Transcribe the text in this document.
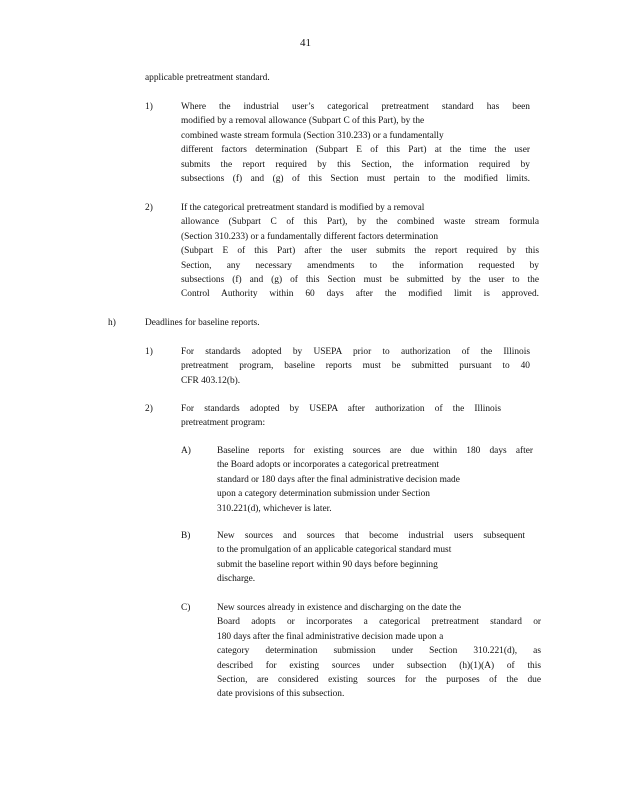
41
applicable pretreatment standard.
1)	Where the industrial user’s categorical pretreatment standard has been
modified by a removal allowance (Subpart C of this Part), by the
combined waste stream formula (Section 310.233) or a fundamentally
different factors determination (Subpart E of this Part) at the time the user
submits the report required by this Section, the information required by
subsections (f) and (g) of this Section must pertain to the modified limits.
2)	If the categorical pretreatment standard is modified by a removal
allowance (Subpart C of this Part), by the combined waste stream formula
(Section 310.233) or a fundamentally different factors determination
(Subpart E of this Part) after the user submits the report required by this
Section, any necessary amendments to the information requested by
subsections (f) and (g) of this Section must be submitted by the user to the
Control Authority within 60 days after the modified limit is approved.
h)	Deadlines for baseline reports.
1)	For standards adopted by USEPA prior to authorization of the Illinois
pretreatment program, baseline reports must be submitted pursuant to 40
CFR 403.12(b).
2)	For standards adopted by USEPA after authorization of the Illinois
pretreatment program:
A)	Baseline reports for existing sources are due within 180 days after
the Board adopts or incorporates a categorical pretreatment
standard or 180 days after the final administrative decision made
upon a category determination submission under Section
310.221(d), whichever is later.
B)	New sources and sources that become industrial users subsequent
to the promulgation of an applicable categorical standard must
submit the baseline report within 90 days before beginning
discharge.
C)	New sources already in existence and discharging on the date the
Board adopts or incorporates a categorical pretreatment standard or
180 days after the final administrative decision made upon a
category determination submission under Section 310.221(d), as
described for existing sources under subsection (h)(1)(A) of this
Section, are considered existing sources for the purposes of the due
date provisions of this subsection.
